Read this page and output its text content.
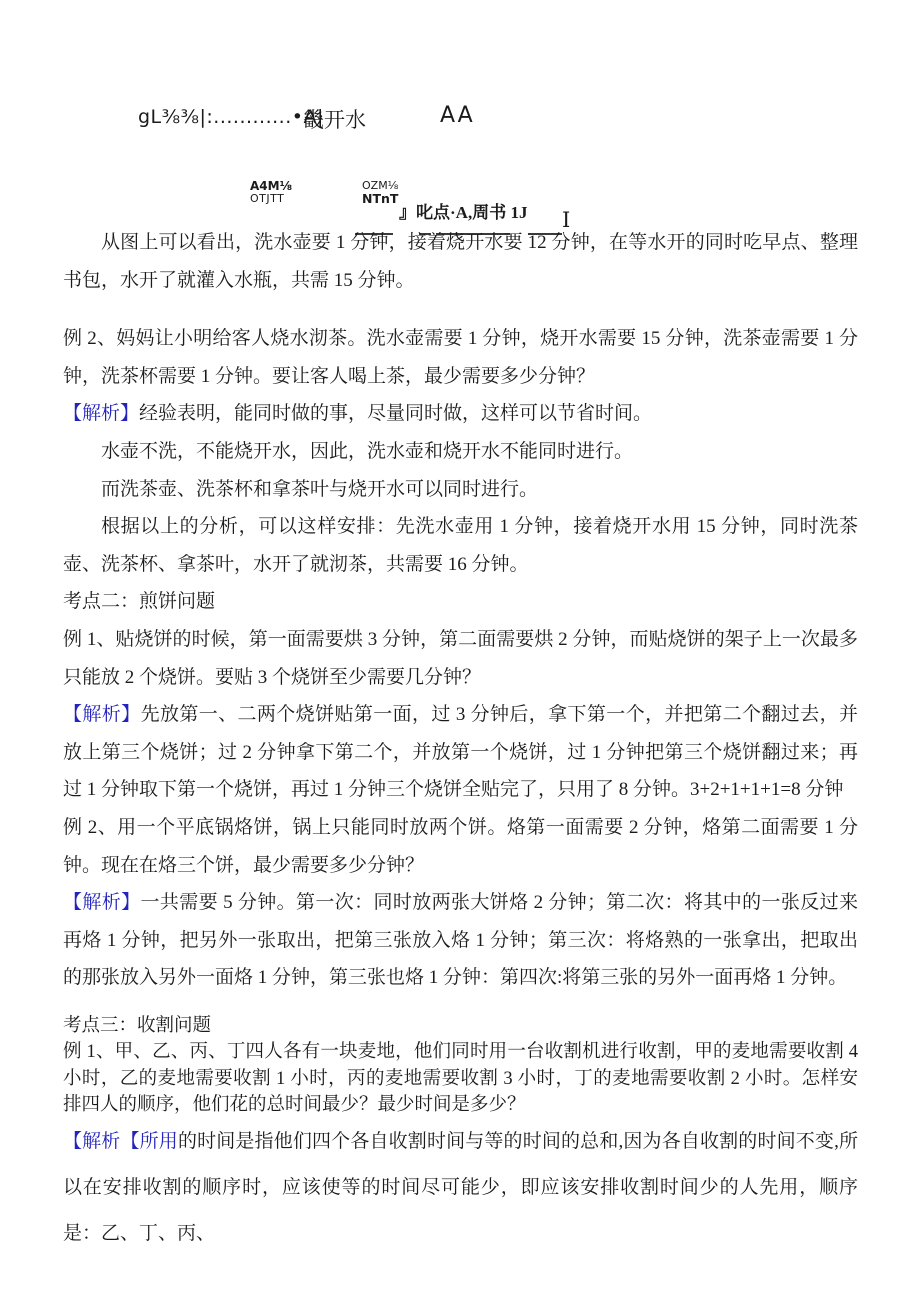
gL⅜⅜|:............•A|
畿开水	AA
A4M⅛
OTJTT
OZM⅛
NTnT
』叱点·A,周书 1J I

从图上可以看出，洗水壶要 1 分钟，接着烧开水要 12 分钟，在等水开的同时吃早点、整理书包，水开了就灌入水瓶，共需 15 分钟。

例 2、妈妈让小明给客人烧水沏茶。洗水壶需要 1 分钟，烧开水需要 15 分钟，洗茶壶需要 1 分钟，洗茶杯需要 1 分钟。要让客人喝上茶，最少需要多少分钟？

【解析】经验表明，能同时做的事，尽量同时做，这样可以节省时间。

水壶不洗，不能烧开水，因此，洗水壶和烧开水不能同时进行。

而洗茶壶、洗茶杯和拿茶叶与烧开水可以同时进行。

根据以上的分析，可以这样安排：先洗水壶用 1 分钟，接着烧开水用 15 分钟，同时洗茶壶、洗茶杯、拿茶叶，水开了就沏茶，共需要 16 分钟。

考点二：煎饼问题

例 1、贴烧饼的时候，第一面需要烘 3 分钟，第二面需要烘 2 分钟，而贴烧饼的架子上一次最多只能放 2 个烧饼。要贴 3 个烧饼至少需要几分钟？

【解析】先放第一、二两个烧饼贴第一面，过 3 分钟后，拿下第一个，并把第二个翻过去，并放上第三个烧饼；过 2 分钟拿下第二个，并放第一个烧饼，过 1 分钟把第三个烧饼翻过来；再过 1 分钟取下第一个烧饼，再过 1 分钟三个烧饼全贴完了，只用了 8 分钟。3+2+1+1+1=8 分钟

例 2、用一个平底锅烙饼，锅上只能同时放两个饼。烙第一面需要 2 分钟，烙第二面需要 1 分钟。现在在烙三个饼，最少需要多少分钟？

【解析】一共需要 5 分钟。第一次：同时放两张大饼烙 2 分钟；第二次：将其中的一张反过来再烙 1 分钟，把另外一张取出，把第三张放入烙 1 分钟；第三次：将烙熟的一张拿出，把取出的那张放入另外一面烙 1 分钟，第三张也烙 1 分钟：第四次:将第三张的另外一面再烙 1 分钟。

考点三：收割问题

例 1、甲、乙、丙、丁四人各有一块麦地，他们同时用一台收割机进行收割，甲的麦地需要收割 4 小时，乙的麦地需要收割 1 小时，丙的麦地需要收割 3 小时，丁的麦地需要收割 2 小时。怎样安排四人的顺序，他们花的总时间最少？最少时间是多少？

【解析【所用的时间是指他们四个各自收割时间与等的时间的总和,因为各自收割的时间不变,所以在安排收割的顺序时，应该使等的时间尽可能少，即应该安排收割时间少的人先用，顺序是：乙、丁、丙、
